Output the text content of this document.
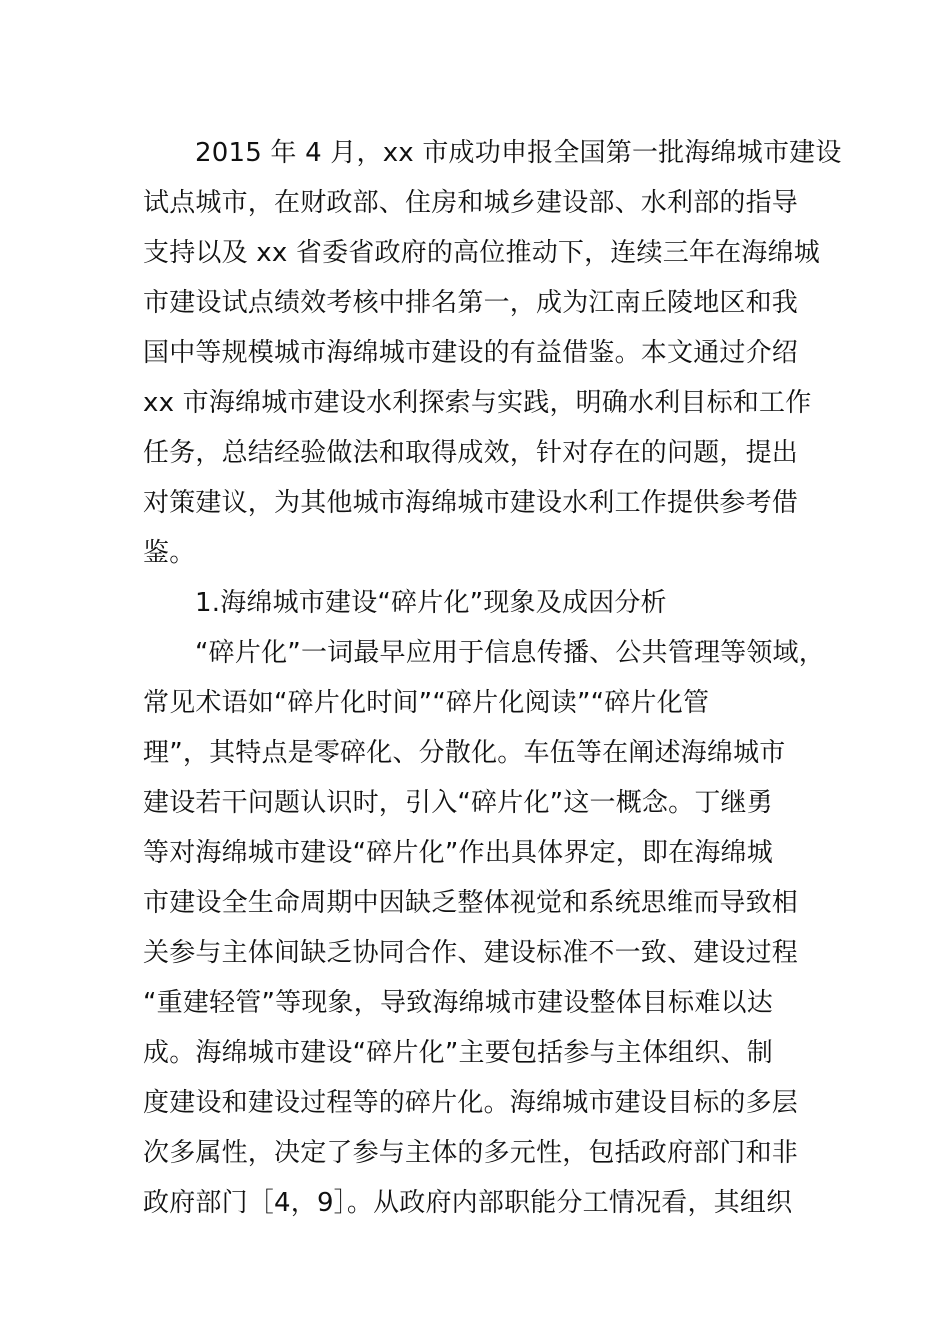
2015 年 4 月，xx 市成功申报全国第一批海绵城市建设
试点城市，在财政部、住房和城乡建设部、水利部的指导
支持以及 xx 省委省政府的高位推动下，连续三年在海绵城
市建设试点绩效考核中排名第一，成为江南丘陵地区和我
国中等规模城市海绵城市建设的有益借鉴。本文通过介绍
xx 市海绵城市建设水利探索与实践，明确水利目标和工作
任务，总结经验做法和取得成效，针对存在的问题，提出
对策建议，为其他城市海绵城市建设水利工作提供参考借
鉴。
1.海绵城市建设“碎片化”现象及成因分析
“碎片化”一词最早应用于信息传播、公共管理等领域，
常见术语如“碎片化时间”“碎片化阅读”“碎片化管
理”，其特点是零碎化、分散化。车伍等在阐述海绵城市
建设若干问题认识时，引入“碎片化”这一概念。丁继勇
等对海绵城市建设“碎片化”作出具体界定，即在海绵城
市建设全生命周期中因缺乏整体视觉和系统思维而导致相
关参与主体间缺乏协同合作、建设标准不一致、建设过程
“重建轻管”等现象，导致海绵城市建设整体目标难以达
成。海绵城市建设“碎片化”主要包括参与主体组织、制
度建设和建设过程等的碎片化。海绵城市建设目标的多层
次多属性，决定了参与主体的多元性，包括政府部门和非
政府部门［4，9］。从政府内部职能分工情况看，其组织
